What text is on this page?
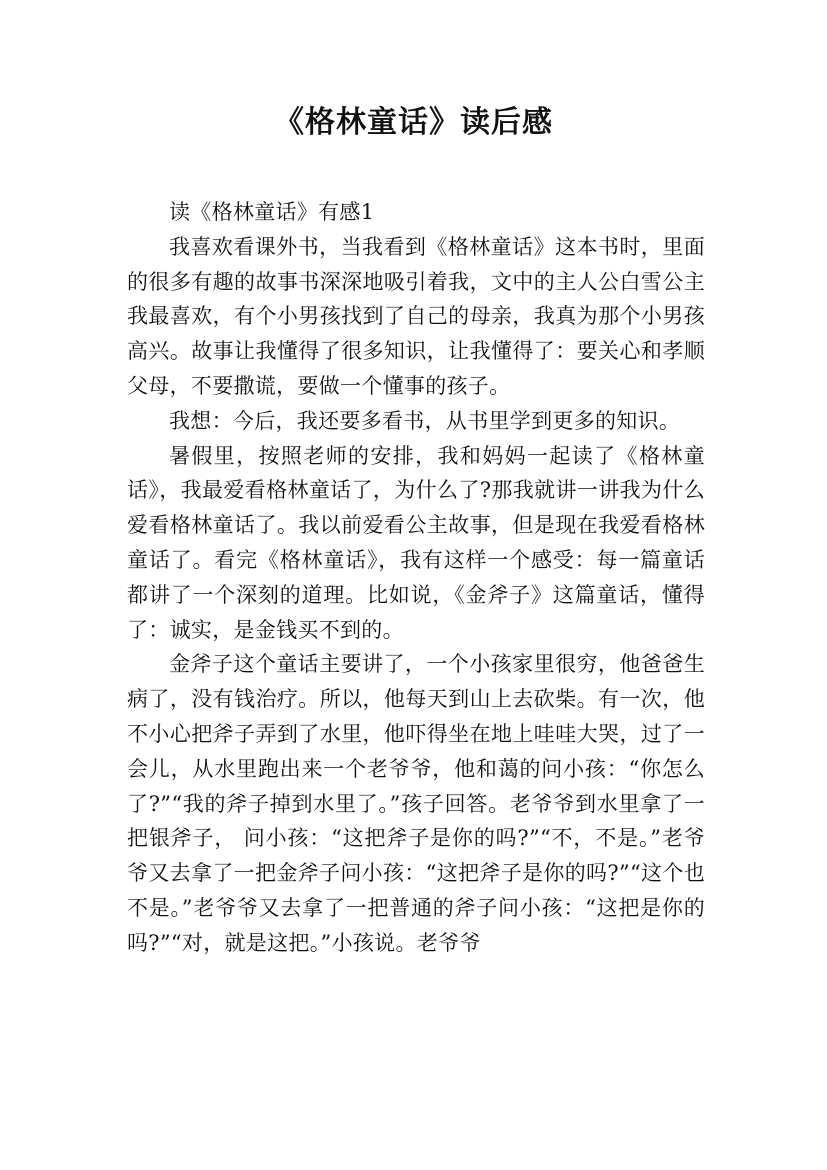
《格林童话》读后感

读《格林童话》有感1

我喜欢看课外书，当我看到《格林童话》这本书时，里面的很多有趣的故事书深深地吸引着我，文中的主人公白雪公主我最喜欢，有个小男孩找到了自己的母亲，我真为那个小男孩高兴。故事让我懂得了很多知识，让我懂得了：要关心和孝顺父母，不要撒谎，要做一个懂事的孩子。

我想：今后，我还要多看书，从书里学到更多的知识。

暑假里，按照老师的安排，我和妈妈一起读了《格林童话》，我最爱看格林童话了，为什么了?那我就讲一讲我为什么爱看格林童话了。我以前爱看公主故事，但是现在我爱看格林童话了。看完《格林童话》，我有这样一个感受：每一篇童话都讲了一个深刻的道理。比如说，《金斧子》这篇童话，懂得了：诚实，是金钱买不到的。

金斧子这个童话主要讲了，一个小孩家里很穷，他爸爸生病了，没有钱治疗。所以，他每天到山上去砍柴。有一次，他不小心把斧子弄到了水里，他吓得坐在地上哇哇大哭，过了一会儿，从水里跑出来一个老爷爷，他和蔼的问小孩：“你怎么了?”“我的斧子掉到水里了。”孩子回答。老爷爷到水里拿了一把银斧子， 问小孩：“这把斧子是你的吗?”“不，不是。”老爷爷又去拿了一把金斧子问小孩：“这把斧子是你的吗?”“这个也不是。”老爷爷又去拿了一把普通的斧子问小孩：“这把是你的吗?”“对，就是这把。”小孩说。老爷爷
